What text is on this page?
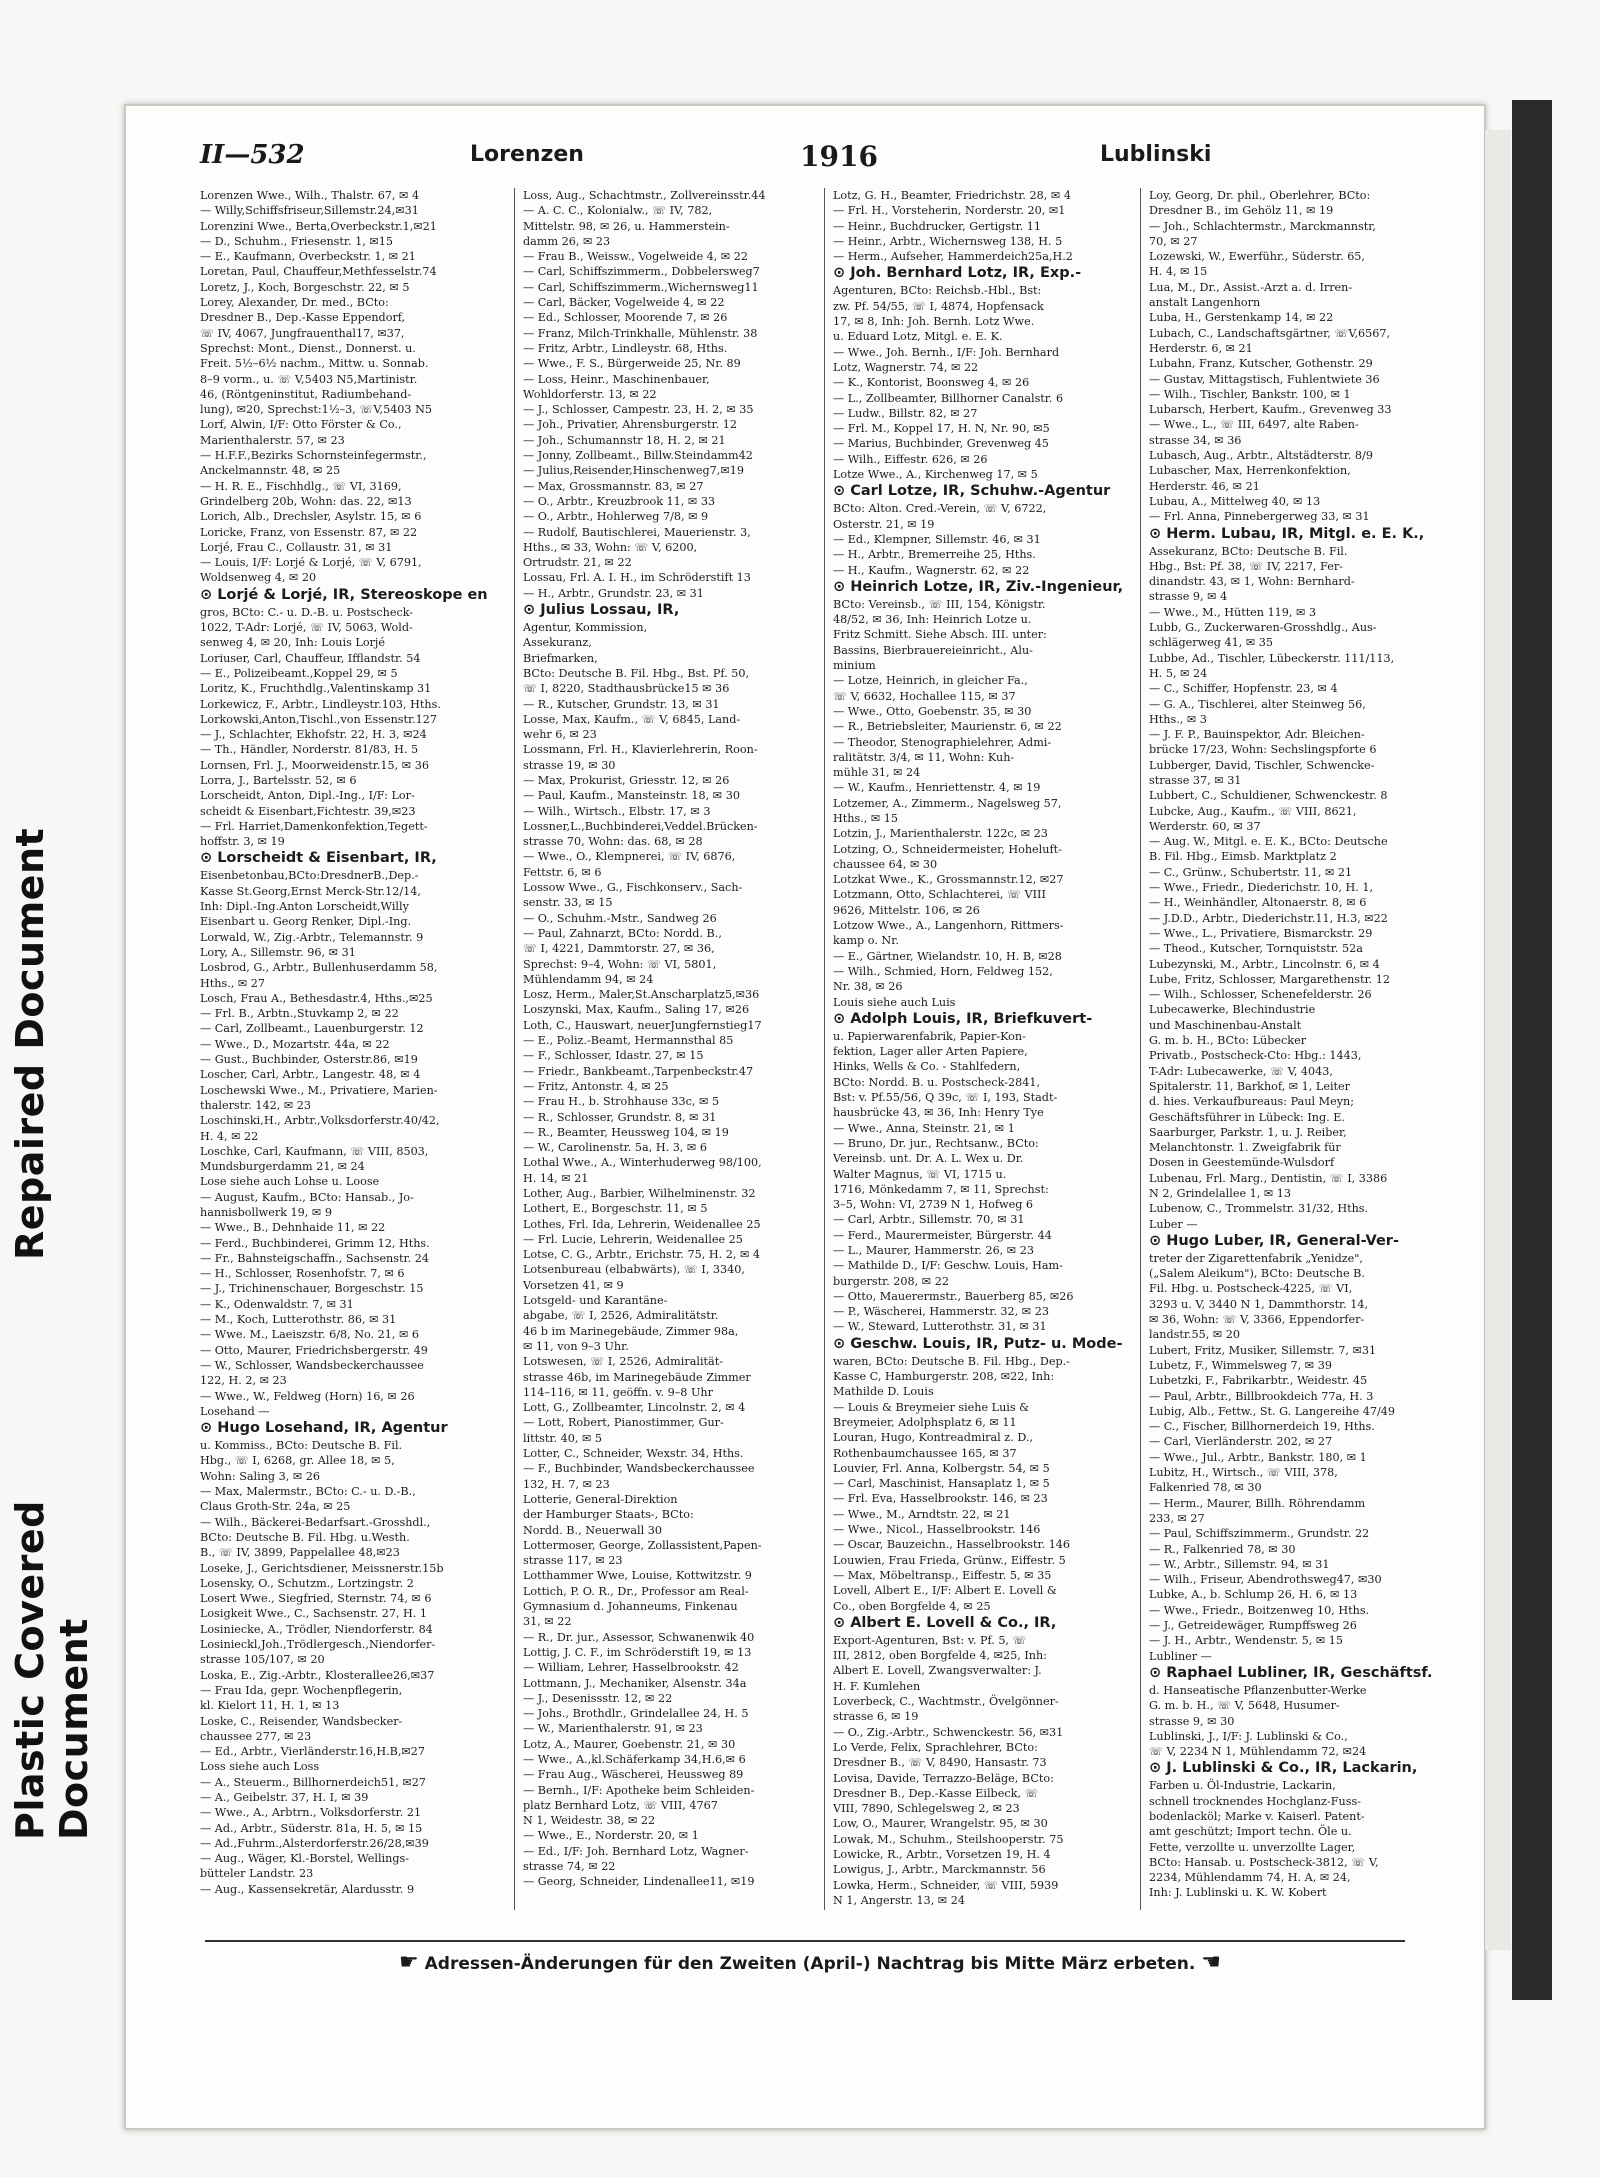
Repaired Document
Plastic Covered Document
II—532	Lorenzen	1916	Lublinski

Lorenzen Wwe., Wilh., Thalstr. 67, ✉ 4

— Willy,Schiffsfriseur,Sillemstr.24,✉31

Lorenzini Wwe., Berta,Overbeckstr.1,✉21

— D., Schuhm., Friesenstr. 1, ✉15

— E., Kaufmann, Overbeckstr. 1, ✉ 21

Loretan, Paul, Chauffeur,Methfesselstr.74

Loretz, J., Koch, Borgeschstr. 22, ✉ 5

Lorey, Alexander, Dr. med., BCto:

Dresdner B., Dep.-Kasse Eppendorf,

☏ IV, 4067, Jungfrauenthal17, ✉37,

Sprechst: Mont., Dienst., Donnerst. u.

Freit. 5½–6½ nachm., Mittw. u. Sonnab.

8–9 vorm., u. ☏ V,5403 N5,Martinistr.

46, (Röntgeninstitut, Radiumbehand-

lung), ✉20, Sprechst:1½–3, ☏V,5403 N5

Lorf, Alwin, I/F: Otto Förster & Co.,

Marienthalerstr. 57, ✉ 23

— H.F.F.,Bezirks Schornsteinfegermstr.,

Anckelmannstr. 48, ✉ 25

— H. R. E., Fischhdlg., ☏ VI, 3169,

Grindelberg 20b, Wohn: das. 22, ✉13

Lorich, Alb., Drechsler, Asylstr. 15, ✉ 6

Loricke, Franz, von Essenstr. 87, ✉ 22

Lorjé, Frau C., Collaustr. 31, ✉ 31

— Louis, I/F: Lorjé & Lorjé, ☏ V, 6791,

Woldsenweg 4, ✉ 20

⊙ Lorjé & Lorjé, IR, Stereoskope en

gros, BCto: C.- u. D.-B. u. Postscheck-

1022, T-Adr: Lorjé, ☏ IV, 5063, Wold-

senweg 4, ✉ 20, Inh: Louis Lorjé

Loriuser, Carl, Chauffeur, Ifflandstr. 54

— E., Polizeibeamt.,Koppel 29, ✉ 5

Loritz, K., Fruchthdlg.,Valentinskamp 31

Lorkewicz, F., Arbtr., Lindleystr.103, Hths.

Lorkowski,Anton,Tischl.,von Essenstr.127

— J., Schlachter, Ekhofstr. 22, H. 3, ✉24

— Th., Händler, Norderstr. 81/83, H. 5

Lornsen, Frl. J., Moorweidenstr.15, ✉ 36

Lorra, J., Bartelsstr. 52, ✉ 6

Lorscheidt, Anton, Dipl.-Ing., I/F: Lor-

scheidt & Eisenbart,Fichtestr. 39,✉23

— Frl. Harriet,Damenkonfektion,Tegett-

hoffstr. 3, ✉ 19

⊙ Lorscheidt & Eisenbart, IR,

Eisenbetonbau,BCto:DresdnerB.,Dep.-

Kasse St.Georg,Ernst Merck-Str.12/14,

Inh: Dipl.-Ing.Anton Lorscheidt,Willy

Eisenbart u. Georg Renker, Dipl.-Ing.

Lorwald, W., Zig.-Arbtr., Telemannstr. 9

Lory, A., Sillemstr. 96, ✉ 31

Losbrod, G., Arbtr., Bullenhuserdamm 58,

Hths., ✉ 27

Losch, Frau A., Bethesdastr.4, Hths.,✉25

— Frl. B., Arbtn.,Stuvkamp 2, ✉ 22

— Carl, Zollbeamt., Lauenburgerstr. 12

— Wwe., D., Mozartstr. 44a, ✉ 22

— Gust., Buchbinder, Osterstr.86, ✉19

Loscher, Carl, Arbtr., Langestr. 48, ✉ 4

Loschewski Wwe., M., Privatiere, Marien-

thalerstr. 142, ✉ 23

Loschinski,H., Arbtr.,Volksdorferstr.40/42,

H. 4, ✉ 22

Loschke, Carl, Kaufmann, ☏ VIII, 8503,

Mundsburgerdamm 21, ✉ 24

Lose siehe auch Lohse u. Loose

— August, Kaufm., BCto: Hansab., Jo-

hannisbollwerk 19, ✉ 9

— Wwe., B., Dehnhaide 11, ✉ 22

— Ferd., Buchbinderei, Grimm 12, Hths.

— Fr., Bahnsteigschaffn., Sachsenstr. 24

— H., Schlosser, Rosenhofstr. 7, ✉ 6

— J., Trichinenschauer, Borgeschstr. 15

— K., Odenwaldstr. 7, ✉ 31

— M., Koch, Lutterothstr. 86, ✉ 31

— Wwe. M., Laeiszstr. 6/8, No. 21, ✉ 6

— Otto, Maurer, Friedrichsbergerstr. 49

— W., Schlosser, Wandsbeckerchaussee

122, H. 2, ✉ 23

— Wwe., W., Feldweg (Horn) 16, ✉ 26

Losehand —

⊙ Hugo Losehand, IR, Agentur

u. Kommiss., BCto: Deutsche B. Fil.

Hbg., ☏ I, 6268, gr. Allee 18, ✉ 5,

Wohn: Saling 3, ✉ 26

— Max, Malermstr., BCto: C.- u. D.-B.,

Claus Groth-Str. 24a, ✉ 25

— Wilh., Bäckerei-Bedarfsart.-Grosshdl.,

BCto: Deutsche B. Fil. Hbg. u.Westh.

B., ☏ IV, 3899, Pappelallee 48,✉23

Loseke, J., Gerichtsdiener, Meissnerstr.15b

Losensky, O., Schutzm., Lortzingstr. 2

Losert Wwe., Siegfried, Sternstr. 74, ✉ 6

Losigkeit Wwe., C., Sachsenstr. 27, H. 1

Losiniecke, A., Trödler, Niendorferstr. 84

Losinieckl,Joh.,Trödlergesch.,Niendorfer-

strasse 105/107, ✉ 20

Loska, E., Zig.-Arbtr., Klosterallee26,✉37

— Frau Ida, gepr. Wochenpflegerin,

kl. Kielort 11, H. 1, ✉ 13

Loske, C., Reisender, Wandsbecker-

chaussee 277, ✉ 23

— Ed., Arbtr., Vierländerstr.16,H.B,✉27

Loss siehe auch Loss

— A., Steuerm., Billhornerdeich51, ✉27

— A., Geibelstr. 37, H. I, ✉ 39

— Wwe., A., Arbtrn., Volksdorferstr. 21

— Ad., Arbtr., Süderstr. 81a, H. 5, ✉ 15

— Ad.,Fuhrm.,Alsterdorferstr.26/28,✉39

— Aug., Wäger, Kl.-Borstel, Wellings-

bütteler Landstr. 23

— Aug., Kassensekretär, Alardusstr. 9

Loss, Aug., Schachtmstr., Zollvereinsstr.44

— A. C. C., Kolonialw., ☏ IV, 782,

Mittelstr. 98, ✉ 26, u. Hammerstein-

damm 26, ✉ 23

— Frau B., Weissw., Vogelweide 4, ✉ 22

— Carl, Schiffszimmerm., Dobbelersweg7

— Carl, Schiffszimmerm.,Wichernsweg11

— Carl, Bäcker, Vogelweide 4, ✉ 22

— Ed., Schlosser, Moorende 7, ✉ 26

— Franz, Milch-Trinkhalle, Mühlenstr. 38

— Fritz, Arbtr., Lindleystr. 68, Hths.

— Wwe., F. S., Bürgerweide 25, Nr. 89

— Loss, Heinr., Maschinenbauer,

Wohldorferstr. 13, ✉ 22

— J., Schlosser, Campestr. 23, H. 2, ✉ 35

— Joh., Privatier, Ahrensburgerstr. 12

— Joh., Schumannstr 18, H. 2, ✉ 21

— Jonny, Zollbeamt., Billw.Steindamm42

— Julius,Reisender,Hinschenweg7,✉19

— Max, Grossmannstr. 83, ✉ 27

— O., Arbtr., Kreuzbrook 11, ✉ 33

— O., Arbtr., Hohlerweg 7/8, ✉ 9

— Rudolf, Bautischlerei, Mauerienstr. 3,

Hths., ✉ 33, Wohn: ☏ V, 6200,

Ortrudstr. 21, ✉ 22

Lossau, Frl. A. I. H., im Schröderstift 13

— H., Arbtr., Grundstr. 23, ✉ 31

⊙ Julius Lossau, IR,

Agentur, Kommission,

Assekuranz,

Briefmarken,

BCto: Deutsche B. Fil. Hbg., Bst. Pf. 50,

☏ I, 8220, Stadthausbrücke15 ✉ 36

— R., Kutscher, Grundstr. 13, ✉ 31

Losse, Max, Kaufm., ☏ V, 6845, Land-

wehr 6, ✉ 23

Lossmann, Frl. H., Klavierlehrerin, Roon-

strasse 19, ✉ 30

— Max, Prokurist, Griesstr. 12, ✉ 26

— Paul, Kaufm., Mansteinstr. 18, ✉ 30

— Wilh., Wirtsch., Elbstr. 17, ✉ 3

Lossner,L.,Buchbinderei,Veddel.Brücken-

strasse 70, Wohn: das. 68, ✉ 28

— Wwe., O., Klempnerei, ☏ IV, 6876,

Fettstr. 6, ✉ 6

Lossow Wwe., G., Fischkonserv., Sach-

senstr. 33, ✉ 15

— O., Schuhm.-Mstr., Sandweg 26

— Paul, Zahnarzt, BCto: Nordd. B.,

☏ I, 4221, Dammtorstr. 27, ✉ 36,

Sprechst: 9–4, Wohn: ☏ VI, 5801,

Mühlendamm 94, ✉ 24

Losz, Herm., Maler,St.Anscharplatz5,✉36

Loszynski, Max, Kaufm., Saling 17, ✉26

Loth, C., Hauswart, neuerJungfernstieg17

— E., Poliz.-Beamt, Hermannsthal 85

— F., Schlosser, Idastr. 27, ✉ 15

— Friedr., Bankbeamt.,Tarpenbeckstr.47

— Fritz, Antonstr. 4, ✉ 25

— Frau H., b. Strohhause 33c, ✉ 5

— R., Schlosser, Grundstr. 8, ✉ 31

— R., Beamter, Heussweg 104, ✉ 19

— W., Carolinenstr. 5a, H. 3, ✉ 6

Lothal Wwe., A., Winterhuderweg 98/100,

H. 14, ✉ 21

Lother, Aug., Barbier, Wilhelminenstr. 32

Lothert, E., Borgeschstr. 11, ✉ 5

Lothes, Frl. Ida, Lehrerin, Weidenallee 25

— Frl. Lucie, Lehrerin, Weidenallee 25

Lotse, C. G., Arbtr., Erichstr. 75, H. 2, ✉ 4

Lotsenbureau (elbabwärts), ☏ I, 3340,

Vorsetzen 41, ✉ 9

Lotsgeld- und Karantäne-

abgabe, ☏ I, 2526, Admiralitätstr.

46 b im Marinegebäude, Zimmer 98a,

✉ 11, von 9–3 Uhr.

Lotswesen, ☏ I, 2526, Admiralität-

strasse 46b, im Marinegebäude Zimmer

114–116, ✉ 11, geöffn. v. 9–8 Uhr

Lott, G., Zollbeamter, Lincolnstr. 2, ✉ 4

— Lott, Robert, Pianostimmer, Gur-

littstr. 40, ✉ 5

Lotter, C., Schneider, Wexstr. 34, Hths.

— F., Buchbinder, Wandsbeckerchaussee

132, H. 7, ✉ 23

Lotterie, General-Direktion

der Hamburger Staats-, BCto:

Nordd. B., Neuerwall 30

Lottermoser, George, Zollassistent,Papen-

strasse 117, ✉ 23

Lotthammer Wwe, Louise, Kottwitzstr. 9

Lottich, P. O. R., Dr., Professor am Real-

Gymnasium d. Johanneums, Finkenau

31, ✉ 22

— R., Dr. jur., Assessor, Schwanenwik 40

Lottig, J. C. F., im Schröderstift 19, ✉ 13

— William, Lehrer, Hasselbrookstr. 42

Lottmann, J., Mechaniker, Alsenstr. 34a

— J., Desenissstr. 12, ✉ 22

— Johs., Brothdlr., Grindelallee 24, H. 5

— W., Marienthalerstr. 91, ✉ 23

Lotz, A., Maurer, Goebenstr. 21, ✉ 30

— Wwe., A.,kl.Schäferkamp 34,H.6,✉ 6

— Frau Aug., Wäscherei, Heussweg 89

— Bernh., I/F: Apotheke beim Schleiden-

platz Bernhard Lotz, ☏ VIII, 4767

N 1, Weidestr. 38, ✉ 22

— Wwe., E., Norderstr. 20, ✉ 1

— Ed., I/F: Joh. Bernhard Lotz, Wagner-

strasse 74, ✉ 22

— Georg, Schneider, Lindenallee11, ✉19

Lotz, G. H., Beamter, Friedrichstr. 28, ✉ 4

— Frl. H., Vorsteherin, Norderstr. 20, ✉1

— Heinr., Buchdrucker, Gertigstr. 11

— Heinr., Arbtr., Wichernsweg 138, H. 5

— Herm., Aufseher, Hammerdeich25a,H.2

⊙ Joh. Bernhard Lotz, IR, Exp.-

Agenturen, BCto: Reichsb.-Hbl., Bst:

zw. Pf. 54/55, ☏ I, 4874, Hopfensack

17, ✉ 8, Inh: Joh. Bernh. Lotz Wwe.

u. Eduard Lotz, Mitgl. e. E. K.

— Wwe., Joh. Bernh., I/F: Joh. Bernhard

Lotz, Wagnerstr. 74, ✉ 22

— K., Kontorist, Boonsweg 4, ✉ 26

— L., Zollbeamter, Billhorner Canalstr. 6

— Ludw., Billstr. 82, ✉ 27

— Frl. M., Koppel 17, H. N, Nr. 90, ✉5

— Marius, Buchbinder, Grevenweg 45

— Wilh., Eiffestr. 626, ✉ 26

Lotze Wwe., A., Kirchenweg 17, ✉ 5

⊙ Carl Lotze, IR, Schuhw.-Agentur

BCto: Alton. Cred.-Verein, ☏ V, 6722,

Osterstr. 21, ✉ 19

— Ed., Klempner, Sillemstr. 46, ✉ 31

— H., Arbtr., Bremerreihe 25, Hths.

— H., Kaufm., Wagnerstr. 62, ✉ 22

⊙ Heinrich Lotze, IR, Ziv.-Ingenieur,

BCto: Vereinsb., ☏ III, 154, Königstr.

48/52, ✉ 36, Inh: Heinrich Lotze u.

Fritz Schmitt. Siehe Absch. III. unter:

Bassins, Bierbrauereieinricht., Alu-

minium

— Lotze, Heinrich, in gleicher Fa.,

☏ V, 6632, Hochallee 115, ✉ 37

— Wwe., Otto, Goebenstr. 35, ✉ 30

— R., Betriebsleiter, Maurienstr. 6, ✉ 22

— Theodor, Stenographielehrer, Admi-

ralitätstr. 3/4, ✉ 11, Wohn: Kuh-

mühle 31, ✉ 24

— W., Kaufm., Henriettenstr. 4, ✉ 19

Lotzemer, A., Zimmerm., Nagelsweg 57,

Hths., ✉ 15

Lotzin, J., Marienthalerstr. 122c, ✉ 23

Lotzing, O., Schneidermeister, Hoheluft-

chaussee 64, ✉ 30

Lotzkat Wwe., K., Grossmannstr.12, ✉27

Lotzmann, Otto, Schlachterei, ☏ VIII

9626, Mittelstr. 106, ✉ 26

Lotzow Wwe., A., Langenhorn, Rittmers-

kamp o. Nr.

— E., Gärtner, Wielandstr. 10, H. B, ✉28

— Wilh., Schmied, Horn, Feldweg 152,

Nr. 38, ✉ 26

Louis siehe auch Luis

⊙ Adolph Louis, IR, Briefkuvert-

u. Papierwarenfabrik, Papier-Kon-

fektion, Lager aller Arten Papiere,

Hinks, Wells & Co. - Stahlfedern,

BCto: Nordd. B. u. Postscheck-2841,

Bst: v. Pf.55/56, Q 39c, ☏ I, 193, Stadt-

hausbrücke 43, ✉ 36, Inh: Henry Tye

— Wwe., Anna, Steinstr. 21, ✉ 1

— Bruno, Dr. jur., Rechtsanw., BCto:

Vereinsb. unt. Dr. A. L. Wex u. Dr.

Walter Magnus, ☏ VI, 1715 u.

1716, Mönkedamm 7, ✉ 11, Sprechst:

3–5, Wohn: VI, 2739 N 1, Hofweg 6

— Carl, Arbtr., Sillemstr. 70, ✉ 31

— Ferd., Maurermeister, Bürgerstr. 44

— L., Maurer, Hammerstr. 26, ✉ 23

— Mathilde D., I/F: Geschw. Louis, Ham-

burgerstr. 208, ✉ 22

— Otto, Mauerermstr., Bauerberg 85, ✉26

— P., Wäscherei, Hammerstr. 32, ✉ 23

— W., Steward, Lutterothstr. 31, ✉ 31

⊙ Geschw. Louis, IR, Putz- u. Mode-

waren, BCto: Deutsche B. Fil. Hbg., Dep.-

Kasse C, Hamburgerstr. 208, ✉22, Inh:

Mathilde D. Louis

— Louis & Breymeier siehe Luis &

Breymeier, Adolphsplatz 6, ✉ 11

Louran, Hugo, Kontreadmiral z. D.,

Rothenbaumchaussee 165, ✉ 37

Louvier, Frl. Anna, Kolbergstr. 54, ✉ 5

— Carl, Maschinist, Hansaplatz 1, ✉ 5

— Frl. Eva, Hasselbrookstr. 146, ✉ 23

— Wwe., M., Arndtstr. 22, ✉ 21

— Wwe., Nicol., Hasselbrookstr. 146

— Oscar, Bauzeichn., Hasselbrookstr. 146

Louwien, Frau Frieda, Grünw., Eiffestr. 5

— Max, Möbeltransp., Eiffestr. 5, ✉ 35

Lovell, Albert E., I/F: Albert E. Lovell &

Co., oben Borgfelde 4, ✉ 25

⊙ Albert E. Lovell & Co., IR,

Export-Agenturen, Bst: v. Pf. 5, ☏

III, 2812, oben Borgfelde 4, ✉25, Inh:

Albert E. Lovell, Zwangsverwalter: J.

H. F. Kumlehen

Loverbeck, C., Wachtmstr., Övelgönner-

strasse 6, ✉ 19

— O., Zig.-Arbtr., Schwenckestr. 56, ✉31

Lo Verde, Felix, Sprachlehrer, BCto:

Dresdner B., ☏ V, 8490, Hansastr. 73

Lovisa, Davide, Terrazzo-Beläge, BCto:

Dresdner B., Dep.-Kasse Eilbeck, ☏

VIII, 7890, Schlegelsweg 2, ✉ 23

Low, O., Maurer, Wrangelstr. 95, ✉ 30

Lowak, M., Schuhm., Steilshooperstr. 75

Lowicke, R., Arbtr., Vorsetzen 19, H. 4

Lowigus, J., Arbtr., Marckmannstr. 56

Lowka, Herm., Schneider, ☏ VIII, 5939

N 1, Angerstr. 13, ✉ 24

Loy, Georg, Dr. phil., Oberlehrer, BCto:

Dresdner B., im Gehölz 11, ✉ 19

— Joh., Schlachtermstr., Marckmannstr,

70, ✉ 27

Lozewski, W., Ewerführ., Süderstr. 65,

H. 4, ✉ 15

Lua, M., Dr., Assist.-Arzt a. d. Irren-

anstalt Langenhorn

Luba, H., Gerstenkamp 14, ✉ 22

Lubach, C., Landschaftsgärtner, ☏V,6567,

Herderstr. 6, ✉ 21

Lubahn, Franz, Kutscher, Gothenstr. 29

— Gustav, Mittagstisch, Fuhlentwiete 36

— Wilh., Tischler, Bankstr. 100, ✉ 1

Lubarsch, Herbert, Kaufm., Grevenweg 33

— Wwe., L., ☏ III, 6497, alte Raben-

strasse 34, ✉ 36

Lubasch, Aug., Arbtr., Altstädterstr. 8/9

Lubascher, Max, Herrenkonfektion,

Herderstr. 46, ✉ 21

Lubau, A., Mittelweg 40, ✉ 13

— Frl. Anna, Pinnebergerweg 33, ✉ 31

⊙ Herm. Lubau, IR, Mitgl. e. E. K.,

Assekuranz, BCto: Deutsche B. Fil.

Hbg., Bst: Pf. 38, ☏ IV, 2217, Fer-

dinandstr. 43, ✉ 1, Wohn: Bernhard-

strasse 9, ✉ 4

— Wwe., M., Hütten 119, ✉ 3

Lubb, G., Zuckerwaren-Grosshdlg., Aus-

schlägerweg 41, ✉ 35

Lubbe, Ad., Tischler, Lübeckerstr. 111/113,

H. 5, ✉ 24

— C., Schiffer, Hopfenstr. 23, ✉ 4

— G. A., Tischlerei, alter Steinweg 56,

Hths., ✉ 3

— J. F. P., Bauinspektor, Adr. Bleichen-

brücke 17/23, Wohn: Sechslingspforte 6

Lubberger, David, Tischler, Schwencke-

strasse 37, ✉ 31

Lubbert, C., Schuldiener, Schwenckestr. 8

Lubcke, Aug., Kaufm., ☏ VIII, 8621,

Werderstr. 60, ✉ 37

— Aug. W., Mitgl. e. E. K., BCto: Deutsche

B. Fil. Hbg., Eimsb. Marktplatz 2

— C., Grünw., Schubertstr. 11, ✉ 21

— Wwe., Friedr., Diederichstr. 10, H. 1,

— H., Weinhändler, Altonaerstr. 8, ✉ 6

— J.D.D., Arbtr., Diederichstr.11, H.3, ✉22

— Wwe., L., Privatiere, Bismarckstr. 29

— Theod., Kutscher, Tornquiststr. 52a

Lubezynski, M., Arbtr., Lincolnstr. 6, ✉ 4

Lube, Fritz, Schlosser, Margarethenstr. 12

— Wilh., Schlosser, Schenefelderstr. 26

Lubecawerke, Blechindustrie

und Maschinenbau-Anstalt

G. m. b. H., BCto: Lübecker

Privatb., Postscheck-Cto: Hbg.: 1443,

T-Adr: Lubecawerke, ☏ V, 4043,

Spitalerstr. 11, Barkhof, ✉ 1, Leiter

d. hies. Verkaufbureaus: Paul Meyn;

Geschäftsführer in Lübeck: Ing. E.

Saarburger, Parkstr. 1, u. J. Reiber,

Melanchtonstr. 1. Zweigfabrik für

Dosen in Geestemünde-Wulsdorf

Lubenau, Frl. Marg., Dentistin, ☏ I, 3386

N 2, Grindelallee 1, ✉ 13

Lubenow, C., Trommelstr. 31/32, Hths.

Luber —

⊙ Hugo Luber, IR, General-Ver-

treter der Zigarettenfabrik „Yenidze",

(„Salem Aleikum"), BCto: Deutsche B.

Fil. Hbg. u. Postscheck-4225, ☏ VI,

3293 u. V, 3440 N 1, Dammthorstr. 14,

✉ 36, Wohn: ☏ V, 3366, Eppendorfer-

landstr.55, ✉ 20

Lubert, Fritz, Musiker, Sillemstr. 7, ✉31

Lubetz, F., Wimmelsweg 7, ✉ 39

Lubetzki, F., Fabrikarbtr., Weidestr. 45

— Paul, Arbtr., Billbrookdeich 77a, H. 3

Lubig, Alb., Fettw., St. G. Langereihe 47/49

— C., Fischer, Billhornerdeich 19, Hths.

— Carl, Vierländerstr. 202, ✉ 27

— Wwe., Jul., Arbtr., Bankstr. 180, ✉ 1

Lubitz, H., Wirtsch., ☏ VIII, 378,

Falkenried 78, ✉ 30

— Herm., Maurer, Billh. Röhrendamm

233, ✉ 27

— Paul, Schiffszimmerm., Grundstr. 22

— R., Falkenried 78, ✉ 30

— W., Arbtr., Sillemstr. 94, ✉ 31

— Wilh., Friseur, Abendrothsweg47, ✉30

Lubke, A., b. Schlump 26, H. 6, ✉ 13

— Wwe., Friedr., Boitzenweg 10, Hths.

— J., Getreidewäger, Rumpffsweg 26

— J. H., Arbtr., Wendenstr. 5, ✉ 15

Lubliner —

⊙ Raphael Lubliner, IR, Geschäftsf.

d. Hanseatische Pflanzenbutter-Werke

G. m. b. H., ☏ V, 5648, Husumer-

strasse 9, ✉ 30

Lublinski, J., I/F: J. Lublinski & Co.,

☏ V, 2234 N 1, Mühlendamm 72, ✉24

⊙ J. Lublinski & Co., IR, Lackarin,

Farben u. Öl-Industrie, Lackarin,

schnell trocknendes Hochglanz-Fuss-

bodenlacköl; Marke v. Kaiserl. Patent-

amt geschützt; Import techn. Öle u.

Fette, verzollte u. unverzollte Lager,

BCto: Hansab. u. Postscheck-3812, ☏ V,

2234, Mühlendamm 74, H. A, ✉ 24,

Inh: J. Lublinski u. K. W. Kobert

☛ Adressen-Änderungen für den Zweiten (April-) Nachtrag bis Mitte März erbeten. ☚
